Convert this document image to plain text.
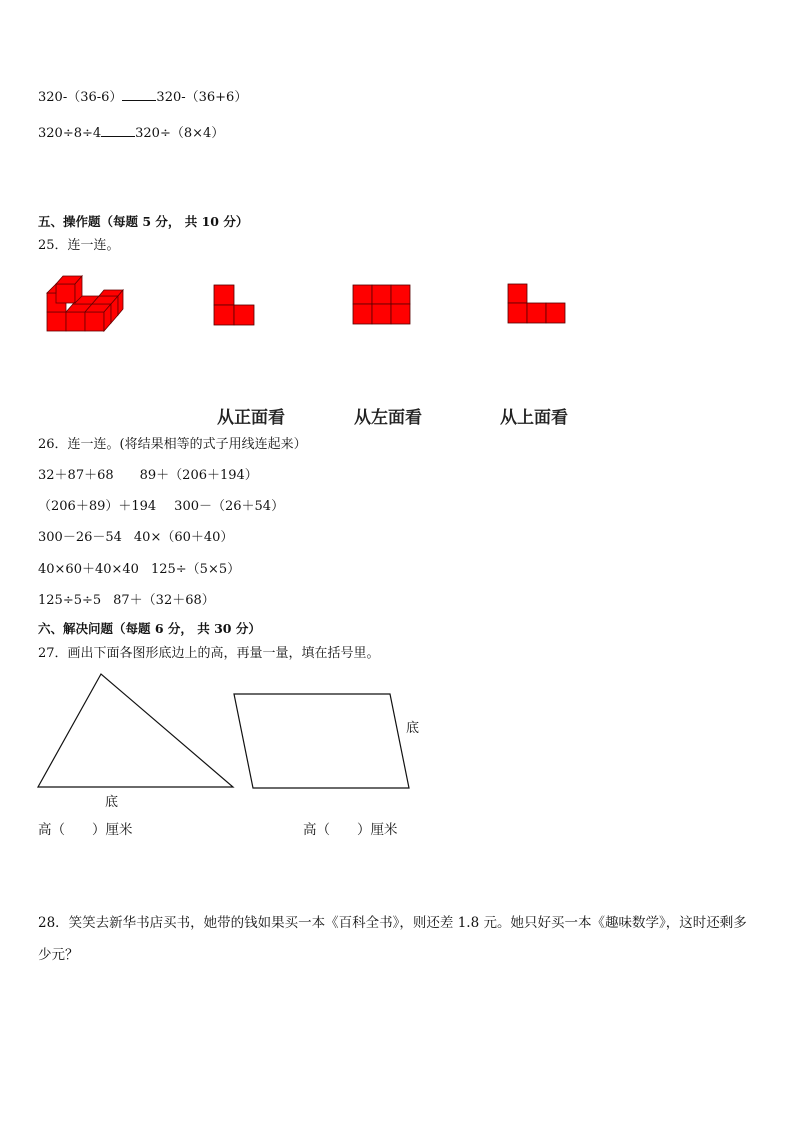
320-（36-6）	320-（36+6）
320÷8÷4	320÷（8×4）
五、操作题（每题 5 分， 共 10 分）
25．连一连。
从正面看	从左面看	从上面看
26．连一连。(将结果相等的式子用线连起来）
32＋87＋68 89＋（206＋194）
（206＋89）＋194 300－（26＋54）
300－26－54 40×（60＋40）
40×60＋40×40 125÷（5×5）
125÷5÷5 87＋（32＋68）
六、解决问题（每题 6 分， 共 30 分）
27．画出下面各图形底边上的高，再量一量，填在括号里。
底
底
高（　　）厘米	高（　　）厘米
28．笑笑去新华书店买书，她带的钱如果买一本《百科全书》，则还差 1.8 元。她只好买一本《趣味数学》，这时还剩多少元？
